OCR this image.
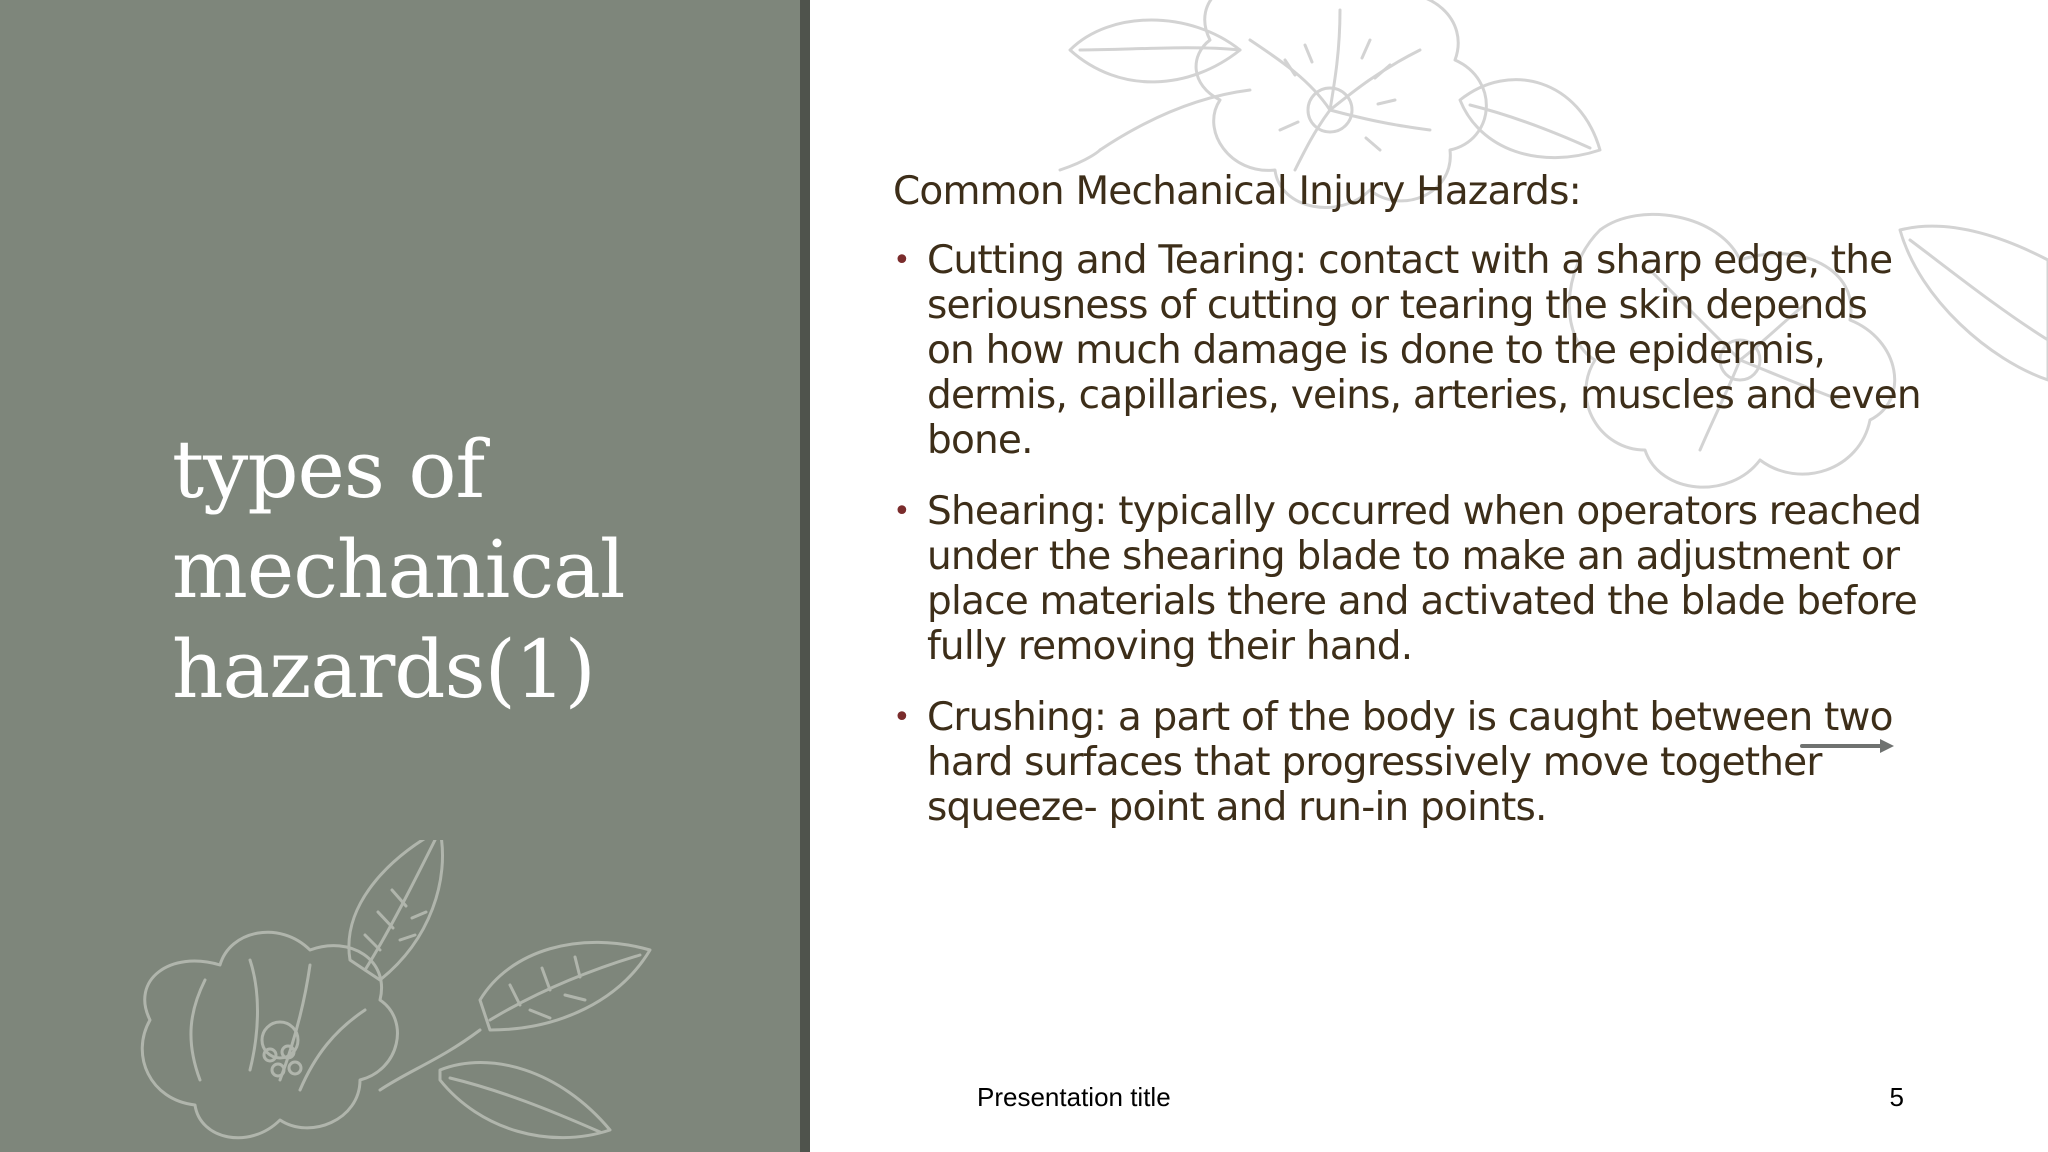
types of
mechanical
hazards(1)

Common Mechanical Injury Hazards:

• Cutting and Tearing: contact with a sharp edge, the seriousness of cutting or tearing the skin depends on how much damage is done to the epidermis, dermis, capillaries, veins, arteries, muscles and even bone.
• Shearing: typically occurred when operators reached under the shearing blade to make an adjustment or place materials there and activated the blade before fully removing their hand.
• Crushing: a part of the body is caught between two hard surfaces that progressively move together squeeze- point and run-in points.
Presentation title	5
